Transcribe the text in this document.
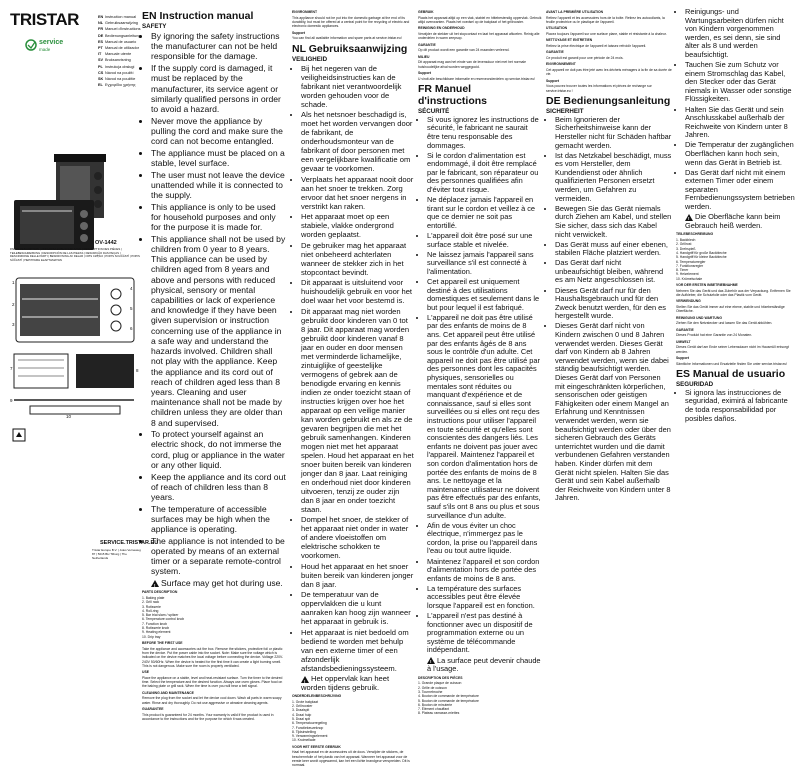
TRISTAR
service
made
EN Instruction manual
NL Gebruiksaanwijzing
FR Manuel d'instructions
DE Bedienungsanleitung
ES Manual de usuario
PT Manual de utilizador
IT Manuale utente
SV Bruksanvisning
PL Instrukcja obsługi
CS Návod na použití
SK Návod na použitie
EL Εγχειρίδιο χρήσης
OV-1442
PARTS DESCRIPTION | ONDERDELENBESCHRIJVING | DESCRIPTION DES PIÈCES | TEILEBESCHREIBUNG | DESCRIPCIÓN DE LAS PIEZAS | DESCRIÇÃO DAS PEÇAS | DESCRIZIONE DELLE PARTI | BESKRIVNING AV DELAR | OPIS CZĘŚCI | POPIS SOUČÁSTÍ | POPIS SÚČASTÍ | ΠΕΡΙΓΡΑΦΗ ΕΞΑΡΤΗΜΑΤΩΝ
1
2
3
4
5
6
7	8
9
10
SERVICE.TRISTAR.EU
Tristar Europe B.V. | Jules Verneweg 87 | 5015 BH Tilburg | The Netherlands
EN Instruction manual
SAFETY
• By ignoring the safety instructions the manufacturer can not be held responsible for the damage.
• If the supply cord is damaged, it must be replaced by the manufacturer, its service agent or similarly qualified persons in order to avoid a hazard.
• Never move the appliance by pulling the cord and make sure the cord can not become entangled.
• The appliance must be placed on a stable, level surface.
• The user must not leave the device unattended while it is connected to the supply.
• This appliance is only to be used for household purposes and only for the purpose it is made for.
• This appliance shall not be used by children from 0 year to 8 years. This appliance can be used by children aged from 8 years and above and persons with reduced physical, sensory or mental capabilities or lack of experience and knowledge if they have been given supervision or instruction concerning use of the appliance in a safe way and understand the hazards involved. Children shall not play with the appliance. Keep the appliance and its cord out of reach of children aged less than 8 years. Cleaning and user maintenance shall not be made by children unless they are older than 8 and supervised.
• To protect yourself against an electric shock, do not immerse the cord, plug or appliance in the water or any other liquid.
• Keep the appliance and its cord out of reach of children less than 8 years.
• The temperature of accessible surfaces may be high when the appliance is operating.
• The appliance is not intended to be operated by means of an external timer or a separate remote-control system.
!Surface may get hot during use.

PARTS DESCRIPTION

1. Baking plate

2. Grill rack

3. Rotisserie

4. Roll-ring

5. Bar trial slam / spitzer

6. Temperature control knob

7. Function knob

8. Rotisserie knob

9. Heating element

10. Drip tray

BEFORE THE FIRST USE

Take the appliance and accessories out the box. Remove the stickers, protective foil or plastic from the device. Put the power cable into the socket. Note: Make sure the voltage which is indicated on the device matches the local voltage before connecting the device. Voltage 220V-240V 50/60Hz. When the device is heated for the first time it can create a light burning smell. This is not dangerous. Make sure the room is properly ventilated.

USE

Place the appliance on a stable, level and heat-resistant surface. Turn the timer to the desired time. Select the temperature and the desired function. Always use oven gloves. Place food on the baking plate or grill rack. When the time is over you will hear a bell signal.

CLEANING AND MAINTENANCE

Remove the plug from the socket and let the device cool down. Wash all parts in warm soapy water. Rinse and dry thoroughly. Do not use aggressive or abrasive cleaning agents.

GUARANTEE

This product is guaranteed for 24 months. Your warranty is valid if the product is used in accordance to the instructions and for the purpose for which it was created.

ENVIRONMENT

This appliance should not be put into the domestic garbage at the end of its durability, but must be offered at a central point for the recycling of electric and electronic domestic appliances.

Support

You can find all available information and spare parts at service.tristar.eu!

NL Gebruiksaanwijzing
VEILIGHEID
• Bij het negeren van de veiligheidsinstructies kan de fabrikant niet verantwoordelijk worden gehouden voor de schade.
• Als het netsnoer beschadigd is, moet het worden vervangen door de fabrikant, de onderhoudsmonteur van de fabrikant of door personen met een vergelijkbare kwalificatie om gevaar te voorkomen.
• Verplaats het apparaat nooit door aan het snoer te trekken. Zorg ervoor dat het snoer nergens in verstrikt kan raken.
• Het apparaat moet op een stabiele, vlakke ondergrond worden geplaatst.
• De gebruiker mag het apparaat niet onbeheerd achterlaten wanneer de stekker zich in het stopcontact bevindt.
• Dit apparaat is uitsluitend voor huishoudelijk gebruik en voor het doel waar het voor bestemd is.
• Dit apparaat mag niet worden gebruikt door kinderen van 0 tot 8 jaar. Dit apparaat mag worden gebruikt door kinderen vanaf 8 jaar en ouder en door mensen met verminderde lichamelijke, zintuiglijke of geestelijke vermogens of gebrek aan de benodigde ervaring en kennis indien ze onder toezicht staan of instructies krijgen over hoe het apparaat op een veilige manier kan worden gebruikt en als ze de gevaren begrijpen die met het gebruik samenhangen. Kinderen mogen niet met het apparaat spelen. Houd het apparaat en het snoer buiten bereik van kinderen jonger dan 8 jaar. Laat reiniging en onderhoud niet door kinderen uitvoeren, tenzij ze ouder zijn dan 8 jaar en onder toezicht staan.
• Dompel het snoer, de stekker of het apparaat niet onder in water of andere vloeistoffen om elektrische schokken te voorkomen.
• Houd het apparaat en het snoer buiten bereik van kinderen jonger dan 8 jaar.
• De temperatuur van de oppervlakken die u kunt aanraken kan hoog zijn wanneer het apparaat in gebruik is.
• Het apparaat is niet bedoeld om bediend te worden met behulp van een externe timer of een afzonderlijk afstandsbedieningssysteem.
!Het oppervlak kan heet worden tijdens gebruik.

ONDERDELENBESCHRIJVING

1. Grote bakplaat

2. Grillrooster

3. Draaispit

4. Draai hulp

5. Draai spit

6. Temperatuurregeling

7. Functiekeuzeknop

8. Tijdsinstelling

9. Verwarmingselement

10. Kruimellade

VOOR HET EERSTE GEBRUIK

Haal het apparaat en de accessoires uit de doos. Verwijder de stickers, de beschermfolie of het plastic van het apparaat. Wanneer het apparaat voor de eerste keer wordt opgewarmd, kan het een lichte brandgeur verspreiden. Dit is normaal.

GEBRUIK

Plaats het apparaat altijd op een vlak, stabiel en hittebestendig oppervlak. Gebruik altijd ovenwanten. Plaats het voedsel op de bakplaat of het grillrooster.

REINIGING EN ONDERHOUD

Verwijder de stekker uit het stopcontact en laat het apparaat afkoelen. Reinig alle onderdelen in warm zeepsop.

GARANTIE

Op dit product wordt een garantie van 24 maanden verleend.

MILIEU

Dit apparaat mag aan het einde van de levensduur niet met het normale huishoudelijke afval worden weggegooid.

Support

U vindt alle beschikbare informatie en reserveonderdelen op service.tristar.eu!

FR Manuel d'instructions
SÉCURITÉ
• Si vous ignorez les instructions de sécurité, le fabricant ne saurait être tenu responsable des dommages.
• Si le cordon d'alimentation est endommagé, il doit être remplacé par le fabricant, son réparateur ou des personnes qualifiées afin d'éviter tout risque.
• Ne déplacez jamais l'appareil en tirant sur le cordon et veillez à ce que ce dernier ne soit pas entortillé.
• L'appareil doit être posé sur une surface stable et nivelée.
• Ne laissez jamais l'appareil sans surveillance s'il est connecté à l'alimentation.
• Cet appareil est uniquement destiné à des utilisations domestiques et seulement dans le but pour lequel il est fabriqué.
• L'appareil ne doit pas être utilisé par des enfants de moins de 8 ans. Cet appareil peut être utilisé par des enfants âgés de 8 ans sous le contrôle d'un adulte. Cet appareil ne doit pas être utilisé par des personnes dont les capacités physiques, sensorielles ou mentales sont réduites ou manquant d'expérience et de connaissance, sauf si elles sont surveillées ou si elles ont reçu des instructions pour utiliser l'appareil en toute sécurité et qu'elles sont conscientes des dangers liés. Les enfants ne doivent pas jouer avec l'appareil. Maintenez l'appareil et son cordon d'alimentation hors de portée des enfants de moins de 8 ans. Le nettoyage et la maintenance utilisateur ne doivent pas être effectués par des enfants, sauf s'ils ont 8 ans ou plus et sous surveillance d'un adulte.
• Afin de vous éviter un choc électrique, n'immergez pas le cordon, la prise ou l'appareil dans l'eau ou tout autre liquide.
• Maintenez l'appareil et son cordon d'alimentation hors de portée des enfants de moins de 8 ans.
• La température des surfaces accessibles peut être élevée lorsque l'appareil est en fonction.
• L'appareil n'est pas destiné à fonctionner avec un dispositif de programmation externe ou un système de télécommande indépendant.
!La surface peut devenir chaude à l'usage.

DESCRIPTION DES PIÈCES

1. Grande plaque de cuisson

2. Grille de cuisson

3. Tournebroche

4. Bouton de commande de température

5. Bouton de commande de température

6. Bouton de minuterie

7. Élément chauffant

8. Plateau ramasse-miettes

AVANT LA PREMIÈRE UTILISATION

Retirez l'appareil et les accessoires hors de la boîte. Retirez les autocollants, la feuille protectrice ou le plastique de l'appareil.

UTILISATION

Placez toujours l'appareil sur une surface plane, stable et résistante à la chaleur.

NETTOYAGE ET ENTRETIEN

Retirez la prise électrique de l'appareil et laissez refroidir l'appareil.

GARANTIE

Ce produit est garanti pour une période de 24 mois.

ENVIRONNEMENT

Cet appareil ne doit pas être jeté avec les déchets ménagers à la fin de sa durée de vie.

Support

Vous pouvez trouver toutes les informations et pièces de rechange sur service.tristar.eu !

DE Bedienungsanleitung
SICHERHEIT
• Beim Ignorieren der Sicherheitshinweise kann der Hersteller nicht für Schäden haftbar gemacht werden.
• Ist das Netzkabel beschädigt, muss es vom Hersteller, dem Kundendienst oder ähnlich qualifizierten Personen ersetzt werden, um Gefahren zu vermeiden.
• Bewegen Sie das Gerät niemals durch Ziehen am Kabel, und stellen Sie sicher, dass sich das Kabel nicht verwickelt.
• Das Gerät muss auf einer ebenen, stabilen Fläche platziert werden.
• Das Gerät darf nicht unbeaufsichtigt bleiben, während es am Netz angeschlossen ist.
• Dieses Gerät darf nur für den Haushaltsgebrauch und für den Zweck benutzt werden, für den es hergestellt wurde.
• Dieses Gerät darf nicht von Kindern zwischen 0 und 8 Jahren verwendet werden. Dieses Gerät darf von Kindern ab 8 Jahren verwendet werden, wenn sie dabei ständig beaufsichtigt werden. Dieses Gerät darf von Personen mit eingeschränkten körperlichen, sensorischen oder geistigen Fähigkeiten oder einem Mangel an Erfahrung und Kenntnissen verwendet werden, wenn sie beaufsichtigt werden oder über den sicheren Gebrauch des Geräts unterrichtet wurden und die damit verbundenen Gefahren verstanden haben. Kinder dürfen mit dem Gerät nicht spielen. Halten Sie das Gerät und sein Kabel außerhalb der Reichweite von Kindern unter 8 Jahren.
• Reinigungs- und Wartungsarbeiten dürfen nicht von Kindern vorgenommen werden, es sei denn, sie sind älter als 8 und werden beaufsichtigt.
• Tauchen Sie zum Schutz vor einem Stromschlag das Kabel, den Stecker oder das Gerät niemals in Wasser oder sonstige Flüssigkeiten.
• Halten Sie das Gerät und sein Anschlusskabel außerhalb der Reichweite von Kindern unter 8 Jahren.
• Die Temperatur der zugänglichen Oberflächen kann hoch sein, wenn das Gerät in Betrieb ist.
• Das Gerät darf nicht mit einem externen Timer oder einem separaten Fernbedienungssystem betrieben werden.
!Die Oberfläche kann beim Gebrauch heiß werden.

TEILEBESCHREIBUNG

1. Backblech

2. Grillrost

3. Drehspieß

4. Handgriff für große Backbleche

5. Handgriff für kleine Backbleche

6. Temperaturregler

7. Funktionsregler

8. Timer

9. Heizelement

10. Krümelschale

VOR DER ERSTEN INBETRIEBNAHME

Nehmen Sie das Gerät und das Zubehör aus der Verpackung. Entfernen Sie die Aufkleber, die Schutzfolie oder das Plastik vom Gerät.

VERWENDUNG

Stellen Sie das Gerät immer auf eine ebene, stabile und hitzebeständige Oberfläche.

REINIGUNG UND WARTUNG

Ziehen Sie den Netzstecker und lassen Sie das Gerät abkühlen.

GARANTIE

Dieses Produkt hat eine Garantie von 24 Monaten.

UMWELT

Dieses Gerät darf am Ende seiner Lebensdauer nicht im Hausmüll entsorgt werden.

Support

Sämtliche Informationen und Ersatzteile finden Sie unter service.tristar.eu!

ES Manual de usuario
SEGURIDAD
• Si ignora las instrucciones de seguridad, eximirá al fabricante de toda responsabilidad por posibles daños.
